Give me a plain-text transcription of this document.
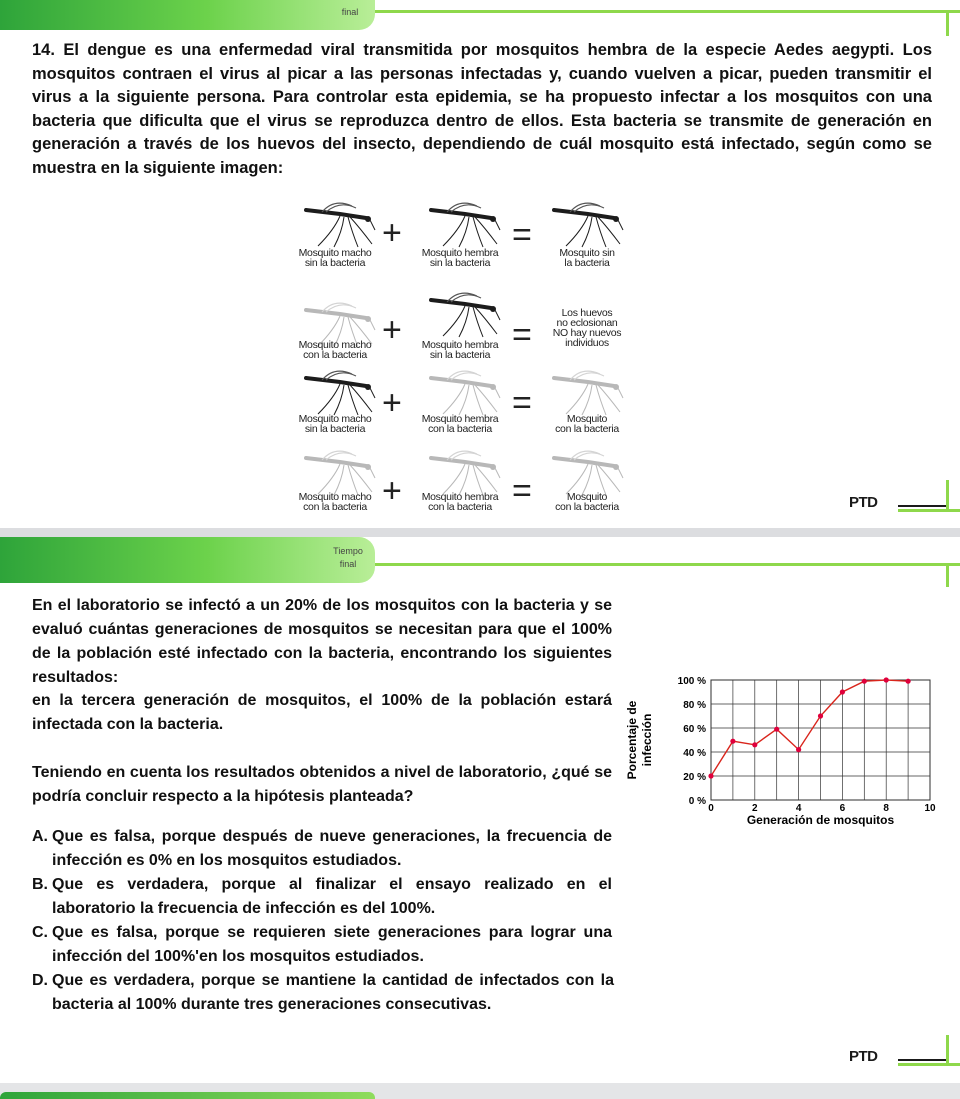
final
14. El dengue es una enfermedad viral transmitida por mosquitos hembra de la especie Aedes aegypti. Los mosquitos contraen el virus al picar a las personas infectadas y, cuando vuelven a picar, pueden transmitir el virus a la siguiente persona. Para controlar esta epidemia, se ha propuesto infectar a los mosquitos con una bacteria que dificulta que el virus se reproduzca dentro de ellos. Esta bacteria se transmite de generación en generación a través de los huevos del insecto, dependiendo de cuál mosquito está infectado, según como se muestra en la siguiente imagen:
Mosquito macho
sin la bacteria
Mosquito hembra
sin la bacteria
Mosquito sin
la bacteria
+	=
Mosquito macho
con la bacteria
Mosquito hembra
sin la bacteria
Los huevos
no eclosionan
NO hay nuevos
individuos
+	=
Mosquito macho
sin la bacteria
Mosquito hembra
con la bacteria
Mosquito
con la bacteria
+	=
Mosquito macho
con la bacteria
Mosquito hembra
con la bacteria
Mosquito
con la bacteria
+	=	PTD
Tiempo
final
En el laboratorio se infectó a un 20% de los mosquitos con la bacteria y se evaluó cuántas generaciones de mosquitos se necesitan para que el 100% de la población esté infectado con la bacteria, encontrando los siguientes resultados:
en la tercera generación de mosquitos, el 100% de la población estará infectada con la bacteria.
Teniendo en cuenta los resultados obtenidos a nivel de laboratorio, ¿qué se podría concluir respecto a la hipótesis planteada?
A. Que es falsa, porque después de nueve generaciones, la frecuencia de infección es 0% en los mosquitos estudiados.
B. Que es verdadera, porque al finalizar el ensayo realizado en el laboratorio la frecuencia de infección es del 100%.
C. Que es falsa, porque se requieren siete generaciones para lograr una infección del 100%'en los mosquitos estudiados.
D. Que es verdadera, porque se mantiene la cantidad de infectados con la bacteria al 100% durante tres generaciones consecutivas.
0 %
20 %
40 %
60 %
80 %
100 %
0	2	4	6	8	10
Generación de mosquitos
Porcentaje de infección
PTD
